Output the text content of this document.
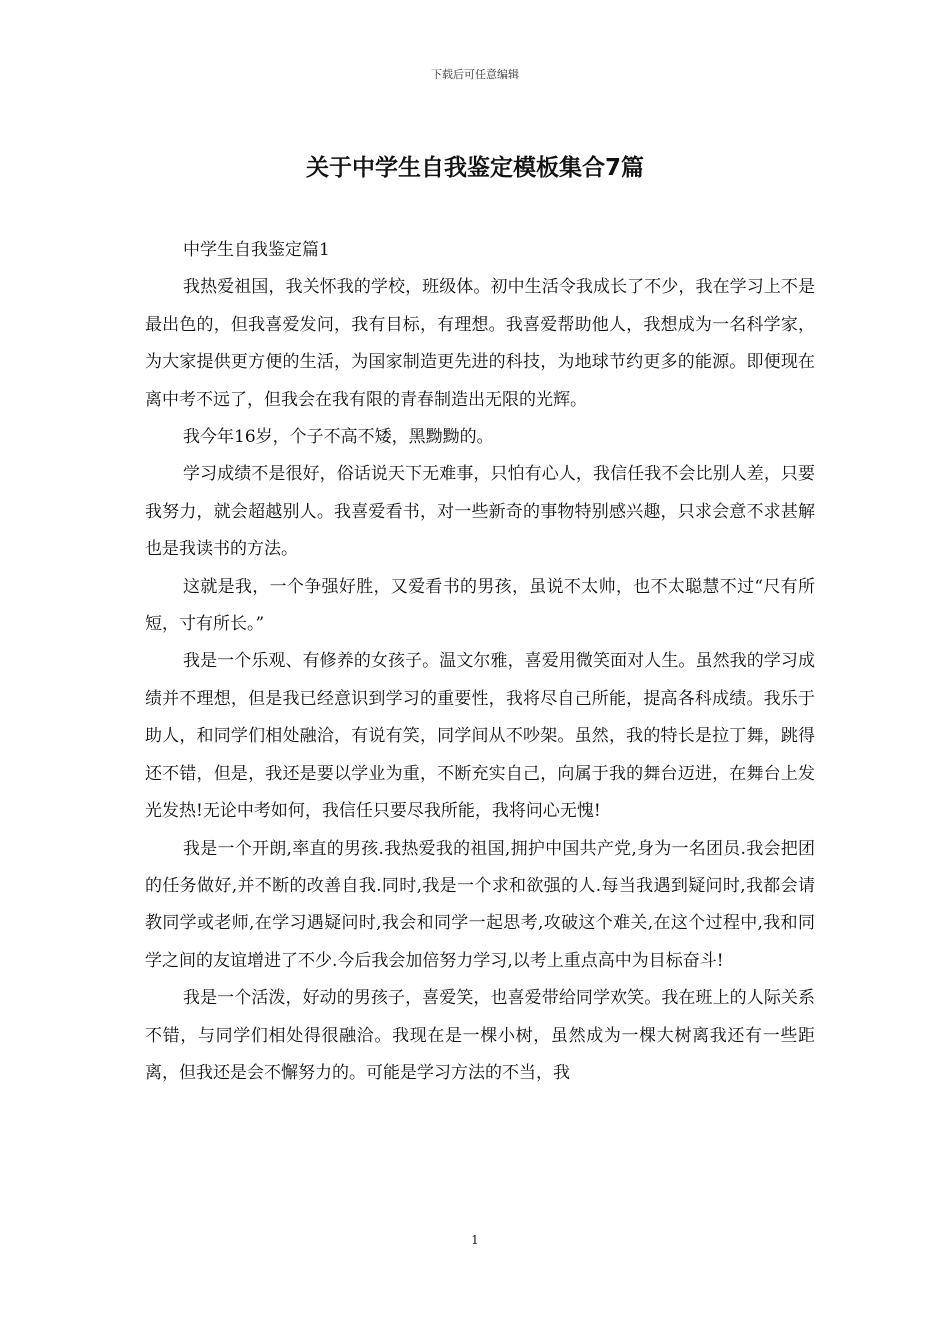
下载后可任意编辑
关于中学生自我鉴定模板集合7篇

中学生自我鉴定篇1

我热爱祖国，我关怀我的学校，班级体。初中生活令我成长了不少，我在学习上不是最出色的，但我喜爱发问，我有目标，有理想。我喜爱帮助他人，我想成为一名科学家，为大家提供更方便的生活，为国家制造更先进的科技，为地球节约更多的能源。即便现在离中考不远了，但我会在我有限的青春制造出无限的光辉。

我今年16岁，个子不高不矮，黑黝黝的。

学习成绩不是很好，俗话说天下无难事，只怕有心人，我信任我不会比别人差，只要我努力，就会超越别人。我喜爱看书，对一些新奇的事物特别感兴趣，只求会意不求甚解也是我读书的方法。

这就是我，一个争强好胜，又爱看书的男孩，虽说不太帅，也不太聪慧不过“尺有所短，寸有所长。”

我是一个乐观、有修养的女孩子。温文尔雅，喜爱用微笑面对人生。虽然我的学习成绩并不理想，但是我已经意识到学习的重要性，我将尽自己所能，提高各科成绩。我乐于助人，和同学们相处融洽，有说有笑，同学间从不吵架。虽然，我的特长是拉丁舞，跳得还不错，但是，我还是要以学业为重，不断充实自己，向属于我的舞台迈进，在舞台上发光发热!无论中考如何，我信任只要尽我所能，我将问心无愧!

我是一个开朗,率直的男孩.我热爱我的祖国,拥护中国共产党,身为一名团员.我会把团的任务做好,并不断的改善自我.同时,我是一个求和欲强的人.每当我遇到疑问时,我都会请教同学或老师,在学习遇疑问时,我会和同学一起思考,攻破这个难关,在这个过程中,我和同学之间的友谊增进了不少.今后我会加倍努力学习,以考上重点高中为目标奋斗!

我是一个活泼，好动的男孩子，喜爱笑，也喜爱带给同学欢笑。我在班上的人际关系不错，与同学们相处得很融洽。我现在是一棵小树，虽然成为一棵大树离我还有一些距离，但我还是会不懈努力的。可能是学习方法的不当，我

1
